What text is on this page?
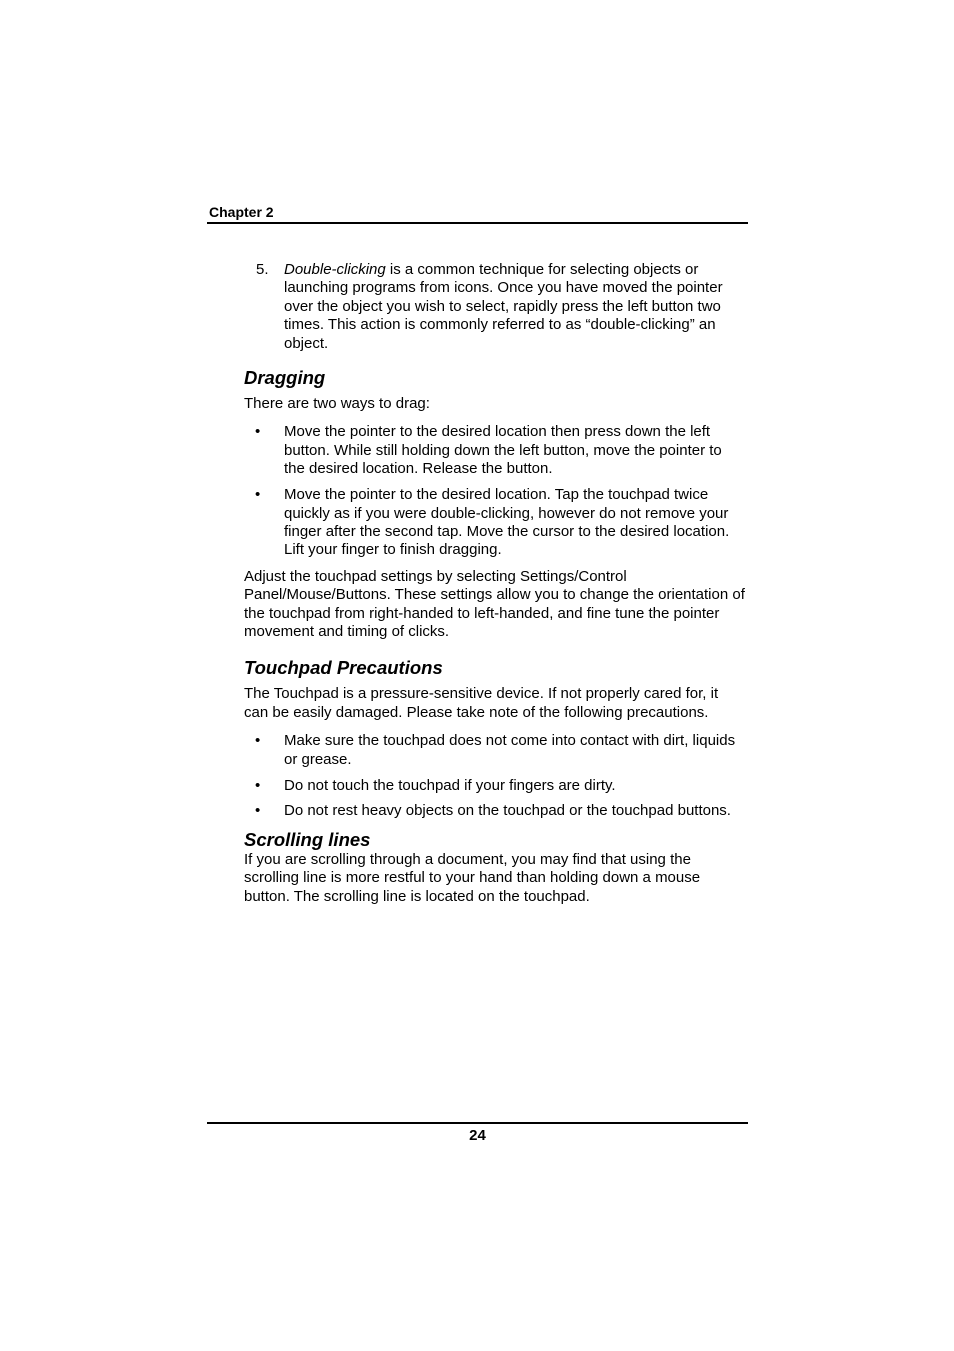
Chapter 2
5. Double-clicking is a common technique for selecting objects or launching programs from icons. Once you have moved the pointer over the object you wish to select, rapidly press the left button two times. This action is commonly referred to as “double-clicking” an object.
Dragging

There are two ways to drag:

• Move the pointer to the desired location then press down the left button. While still holding down the left button, move the pointer to the desired location. Release the button.
• Move the pointer to the desired location. Tap the touchpad twice quickly as if you were double-clicking, however do not remove your finger after the second tap. Move the cursor to the desired location. Lift your finger to finish dragging.

Adjust the touchpad settings by selecting Settings/Control Panel/Mouse/Buttons. These settings allow you to change the orientation of the touchpad from right-handed to left-handed, and fine tune the pointer movement and timing of clicks.

Touchpad Precautions

The Touchpad is a pressure-sensitive device. If not properly cared for, it can be easily damaged. Please take note of the following precautions.

• Make sure the touchpad does not come into contact with dirt, liquids or grease.
• Do not touch the touchpad if your fingers are dirty.
• Do not rest heavy objects on the touchpad or the touchpad buttons.
Scrolling lines

If you are scrolling through a document, you may find that using the scrolling line is more restful to your hand than holding down a mouse button. The scrolling line is located on the touchpad.

24
